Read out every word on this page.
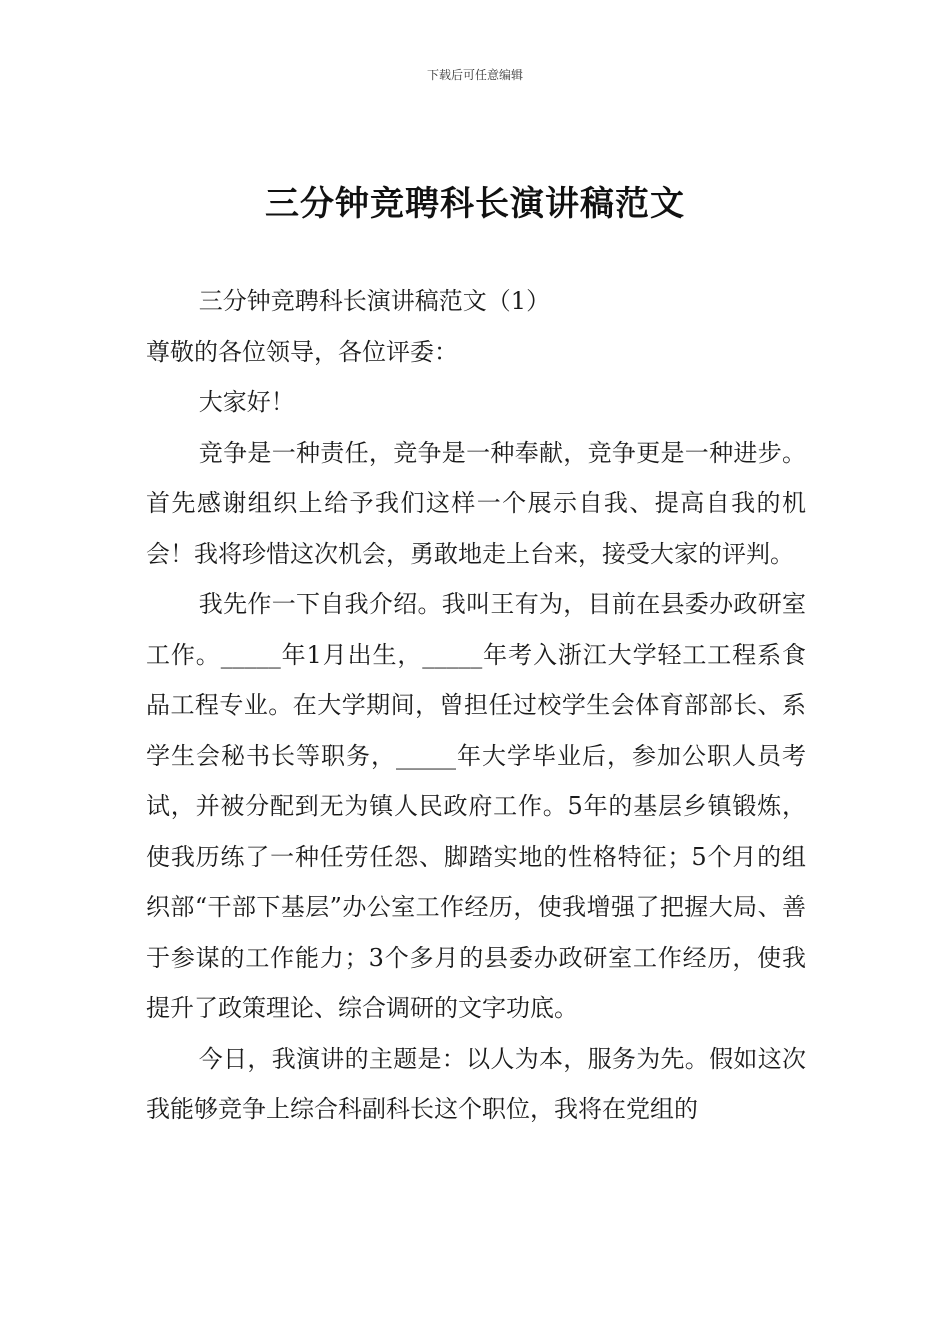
下载后可任意编辑
三分钟竞聘科长演讲稿范文

三分钟竞聘科长演讲稿范文（1）

尊敬的各位领导，各位评委：

大家好！

竞争是一种责任，竞争是一种奉献，竞争更是一种进步。首先感谢组织上给予我们这样一个展示自我、提高自我的机会！我将珍惜这次机会，勇敢地走上台来，接受大家的评判。

我先作一下自我介绍。我叫王有为，目前在县委办政研室工作。_____年1月出生，_____年考入浙江大学轻工工程系食品工程专业。在大学期间，曾担任过校学生会体育部部长、系学生会秘书长等职务，_____年大学毕业后，参加公职人员考试，并被分配到无为镇人民政府工作。5年的基层乡镇锻炼，使我历练了一种任劳任怨、脚踏实地的性格特征；5个月的组织部“干部下基层”办公室工作经历，使我增强了把握大局、善于参谋的工作能力；3个多月的县委办政研室工作经历，使我提升了政策理论、综合调研的文字功底。

今日，我演讲的主题是：以人为本，服务为先。假如这次我能够竞争上综合科副科长这个职位，我将在党组的
